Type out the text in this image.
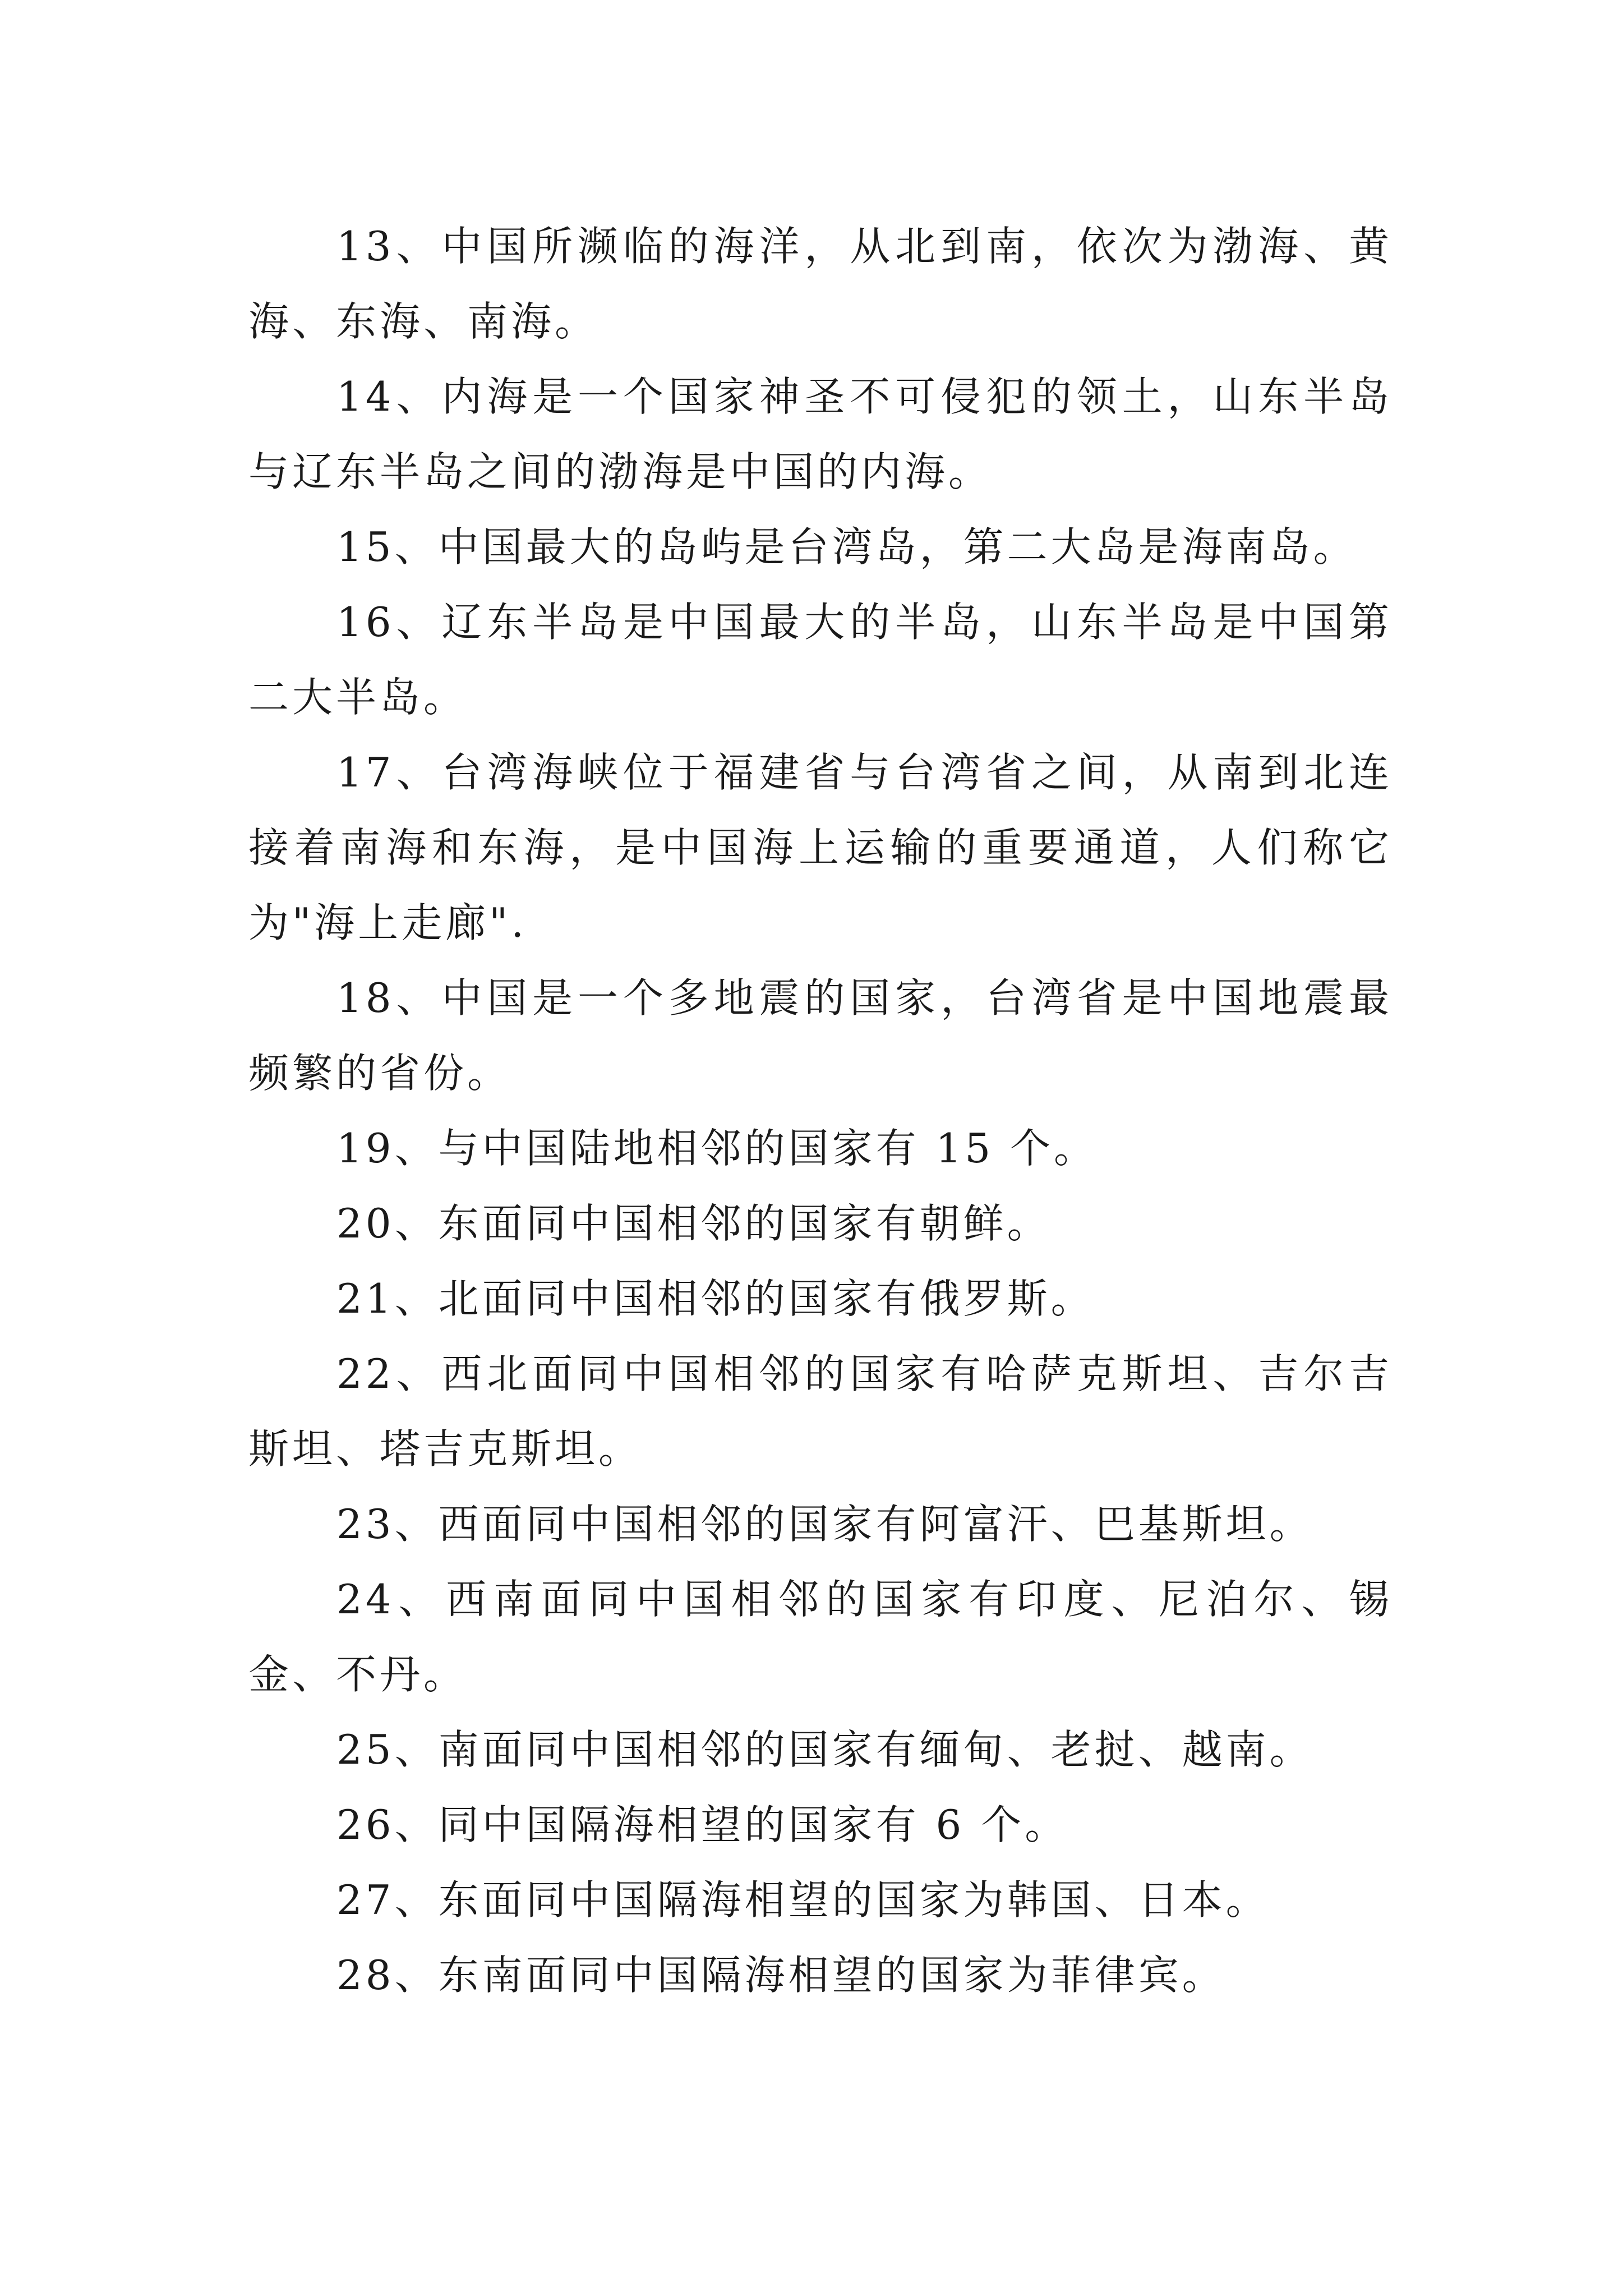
13、中国所濒临的海洋，从北到南，依次为渤海、黄海、东海、南海。

14、内海是一个国家神圣不可侵犯的领土，山东半岛与辽东半岛之间的渤海是中国的内海。

15、中国最大的岛屿是台湾岛，第二大岛是海南岛。

16、辽东半岛是中国最大的半岛，山东半岛是中国第二大半岛。

17、台湾海峡位于福建省与台湾省之间，从南到北连接着南海和东海，是中国海上运输的重要通道，人们称它为"海上走廊".

18、中国是一个多地震的国家，台湾省是中国地震最频繁的省份。

19、与中国陆地相邻的国家有 15 个。

20、东面同中国相邻的国家有朝鲜。

21、北面同中国相邻的国家有俄罗斯。

22、西北面同中国相邻的国家有哈萨克斯坦、吉尔吉斯坦、塔吉克斯坦。

23、西面同中国相邻的国家有阿富汗、巴基斯坦。

24、西南面同中国相邻的国家有印度、尼泊尔、锡金、不丹。

25、南面同中国相邻的国家有缅甸、老挝、越南。

26、同中国隔海相望的国家有 6 个。

27、东面同中国隔海相望的国家为韩国、日本。

28、东南面同中国隔海相望的国家为菲律宾。
